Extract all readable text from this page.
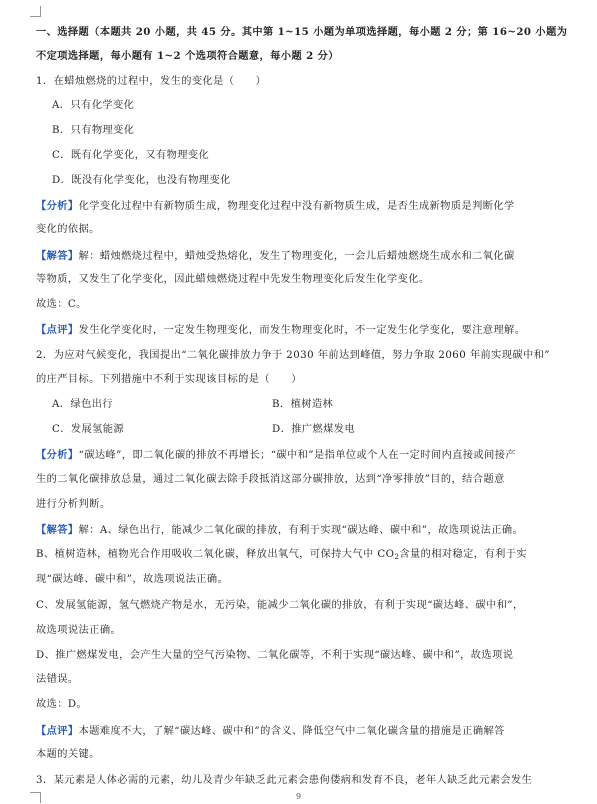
一、选择题（本题共 20 小题，共 45 分。其中第 1~15 小题为单项选择题，每小题 2 分；第 16~20 小题为
不定项选择题，每小题有 1~2 个选项符合题意，每小题 2 分）
1．在蜡烛燃烧的过程中，发生的变化是（　　）
A．只有化学变化
B．只有物理变化
C．既有化学变化，又有物理变化
D．既没有化学变化，也没有物理变化
【分析】化学变化过程中有新物质生成，物理变化过程中没有新物质生成，是否生成新物质是判断化学
变化的依据。
【解答】解：蜡烛燃烧过程中，蜡烛受热熔化，发生了物理变化，一会儿后蜡烛燃烧生成水和二氧化碳
等物质，又发生了化学变化，因此蜡烛燃烧过程中先发生物理变化后发生化学变化。
故选：C。
【点评】发生化学变化时，一定发生物理变化，而发生物理变化时，不一定发生化学变化，要注意理解。
2．为应对气候变化，我国提出“二氧化碳排放力争于 2030 年前达到峰值，努力争取 2060 年前实现碳中和”
的庄严目标。下列措施中不利于实现该目标的是（　　）
A．绿色出行	B．植树造林
C．发展氢能源	D．推广燃煤发电
【分析】“碳达峰”，即二氧化碳的排放不再增长；“碳中和”是指单位或个人在一定时间内直接或间接产
生的二氧化碳排放总量，通过二氧化碳去除手段抵消这部分碳排放，达到“净零排放”目的，结合题意
进行分析判断。
【解答】解：A、绿色出行，能减少二氧化碳的排放，有利于实现“碳达峰、碳中和”，故选项说法正确。
B、植树造林，植物光合作用吸收二氧化碳，释放出氧气，可保持大气中 $CO_2$含量的相对稳定，有利于实
现“碳达峰、碳中和”，故选项说法正确。
C、发展氢能源，氢气燃烧产物是水，无污染，能减少二氧化碳的排放，有利于实现“碳达峰、碳中和”，
故选项说法正确。
D、推广燃煤发电，会产生大量的空气污染物、二氧化碳等，不利于实现“碳达峰、碳中和”，故选项说
法错误。
故选：D。
【点评】本题难度不大，了解“碳达峰、碳中和”的含义、降低空气中二氧化碳含量的措施是正确解答
本题的关键。
3．某元素是人体必需的元素，幼儿及青少年缺乏此元素会患佝偻病和发育不良，老年人缺乏此元素会发生
9
